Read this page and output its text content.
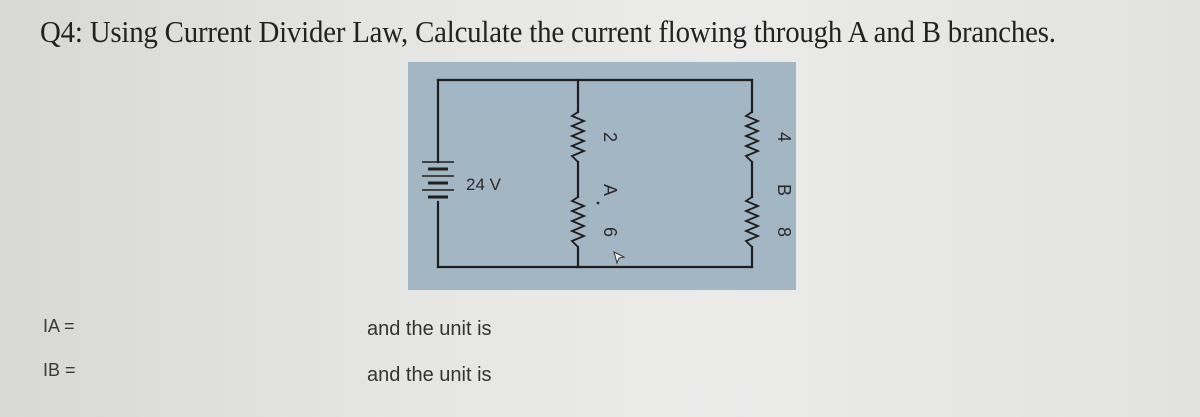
Q4: Using Current Divider Law, Calculate the current flowing through A and B branches.
24 V
2
A
6
4
B
8
IA =	and the unit is
IB =	and the unit is
